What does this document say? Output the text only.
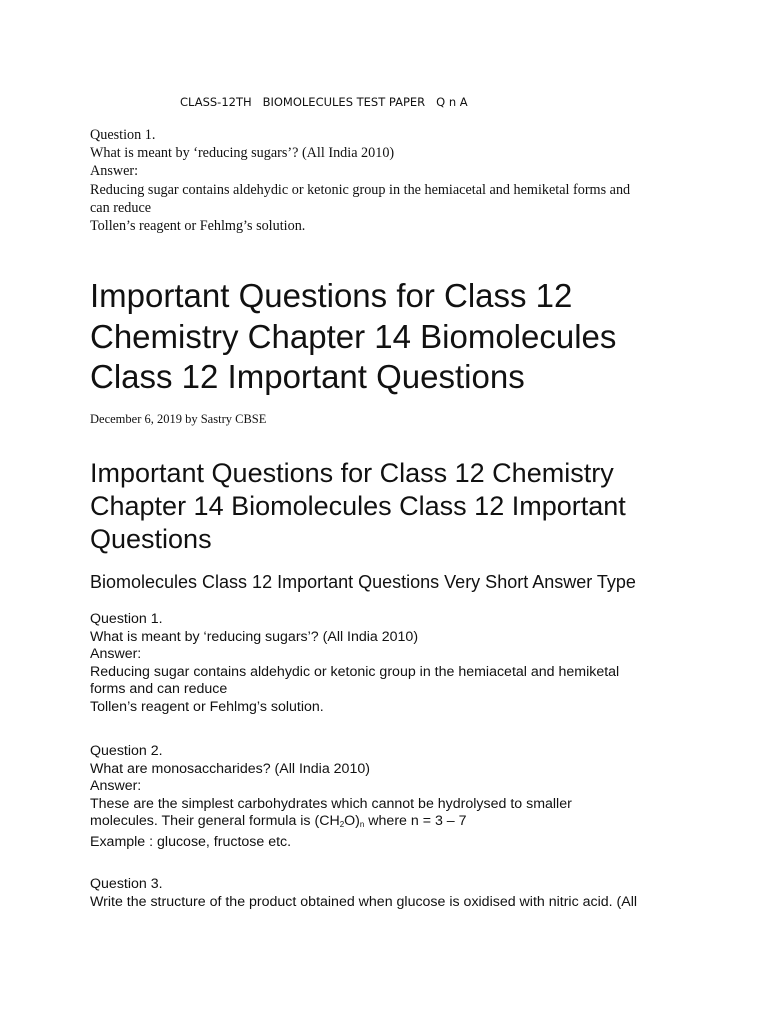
CLASS-12TH   BIOMOLECULES TEST PAPER   Q n A
Question 1.
What is meant by ‘reducing sugars’? (All India 2010)
Answer:
Reducing sugar contains aldehydic or ketonic group in the hemiacetal and hemiketal forms and
can reduce
Tollen’s reagent or Fehlmg’s solution.
Important Questions for Class 12
Chemistry Chapter 14 Biomolecules
Class 12 Important Questions
December 6, 2019 by Sastry CBSE
Important Questions for Class 12 Chemistry
Chapter 14 Biomolecules Class 12 Important
Questions
Biomolecules Class 12 Important Questions Very Short Answer Type
Question 1.
What is meant by ‘reducing sugars’? (All India 2010)
Answer:
Reducing sugar contains aldehydic or ketonic group in the hemiacetal and hemiketal
forms and can reduce
Tollen’s reagent or Fehlmg’s solution.
Question 2.
What are monosaccharides? (All India 2010)
Answer:
These are the simplest carbohydrates which cannot be hydrolysed to smaller
molecules. Their general formula is $(CH_2O)_n$ where n = 3 – 7
Example : glucose, fructose etc.
Question 3.
Write the structure of the product obtained when glucose is oxidised with nitric acid. (All
